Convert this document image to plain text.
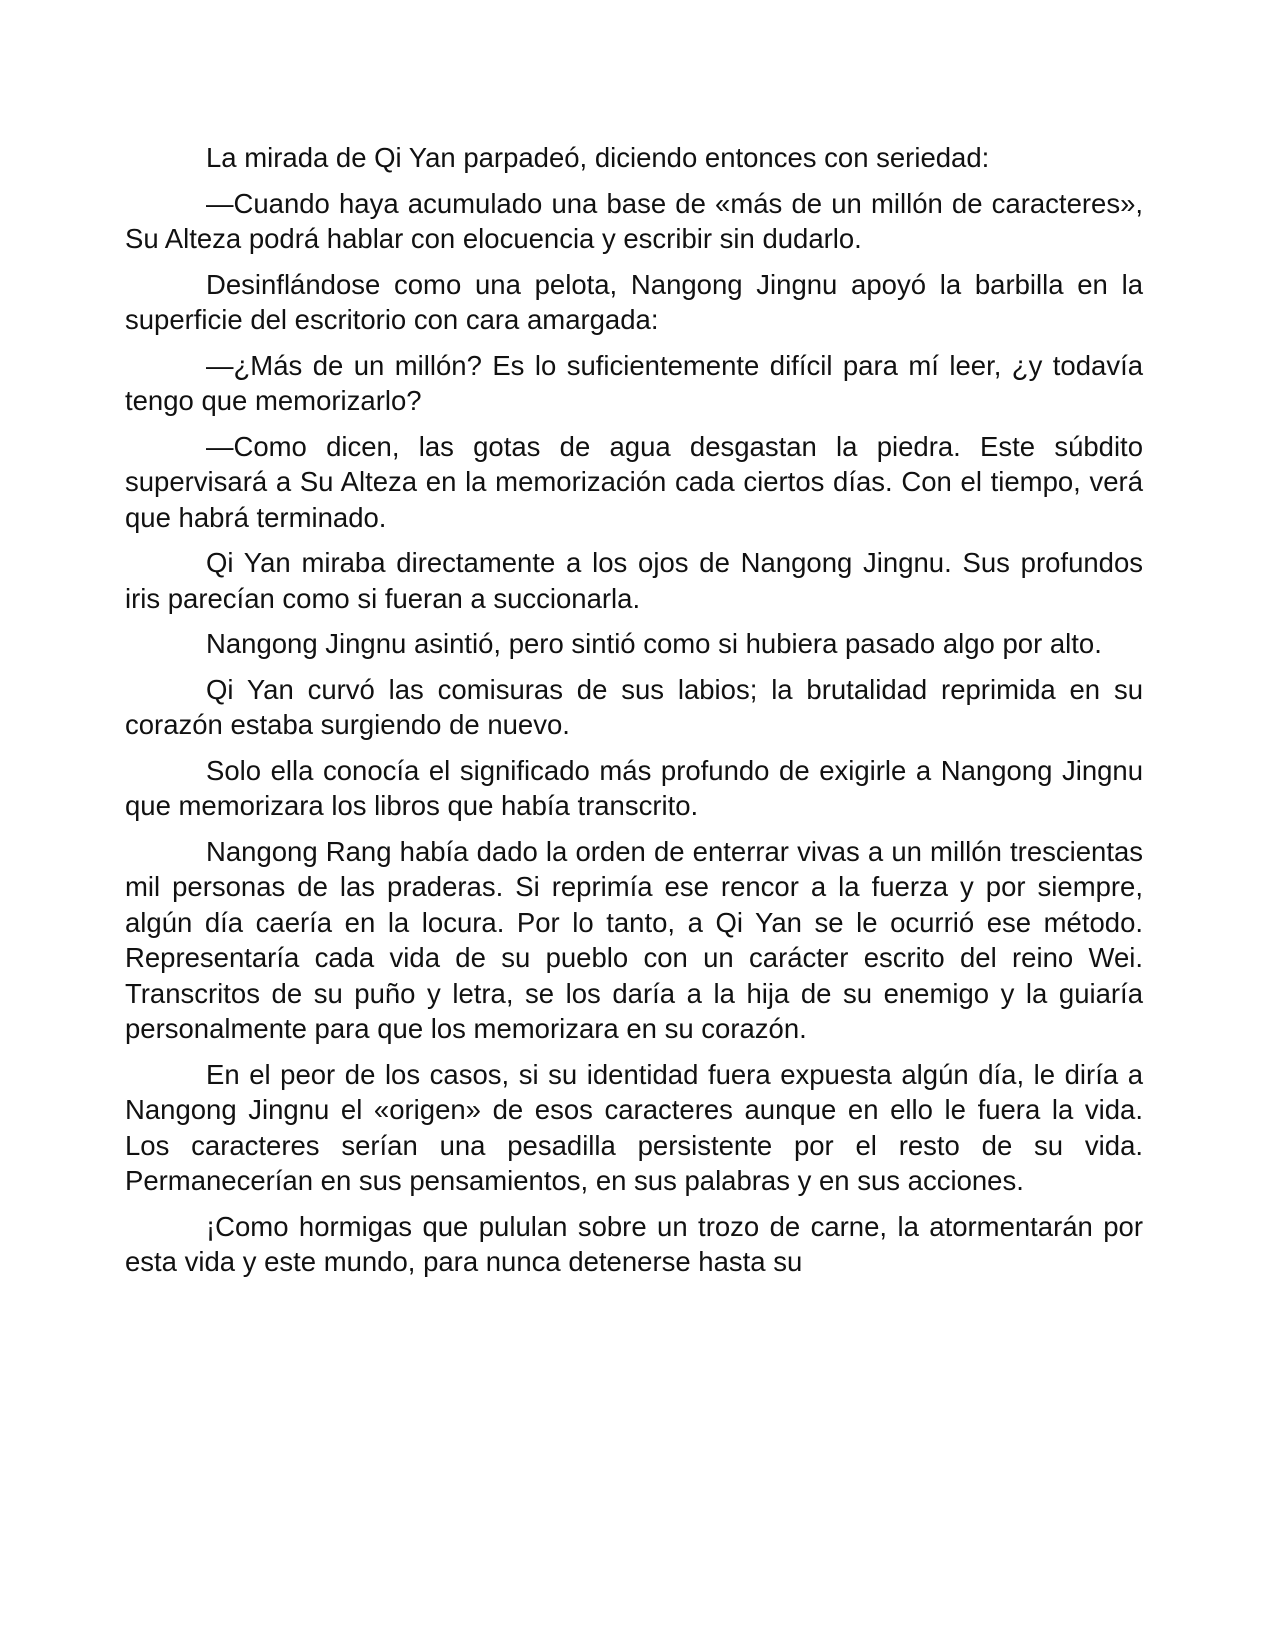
La mirada de Qi Yan parpadeó, diciendo entonces con seriedad:

—Cuando haya acumulado una base de «más de un millón de caracteres», Su Alteza podrá hablar con elocuencia y escribir sin dudarlo.

Desinflándose como una pelota, Nangong Jingnu apoyó la barbilla en la superficie del escritorio con cara amargada:

—¿Más de un millón? Es lo suficientemente difícil para mí leer, ¿y todavía tengo que memorizarlo?

—Como dicen, las gotas de agua desgastan la piedra. Este súbdito supervisará a Su Alteza en la memorización cada ciertos días. Con el tiempo, verá que habrá terminado.

Qi Yan miraba directamente a los ojos de Nangong Jingnu. Sus profundos iris parecían como si fueran a succionarla.

Nangong Jingnu asintió, pero sintió como si hubiera pasado algo por alto.

Qi Yan curvó las comisuras de sus labios; la brutalidad reprimida en su corazón estaba surgiendo de nuevo.

Solo ella conocía el significado más profundo de exigirle a Nangong Jingnu que memorizara los libros que había transcrito.

Nangong Rang había dado la orden de enterrar vivas a un millón trescientas mil personas de las praderas. Si reprimía ese rencor a la fuerza y por siempre, algún día caería en la locura. Por lo tanto, a Qi Yan se le ocurrió ese método. Representaría cada vida de su pueblo con un carácter escrito del reino Wei. Transcritos de su puño y letra, se los daría a la hija de su enemigo y la guiaría personalmente para que los memorizara en su corazón.

En el peor de los casos, si su identidad fuera expuesta algún día, le diría a Nangong Jingnu el «origen» de esos caracteres aunque en ello le fuera la vida. Los caracteres serían una pesadilla persistente por el resto de su vida. Permanecerían en sus pensamientos, en sus palabras y en sus acciones.

¡Como hormigas que pululan sobre un trozo de carne, la atormentarán por esta vida y este mundo, para nunca detenerse hasta su
